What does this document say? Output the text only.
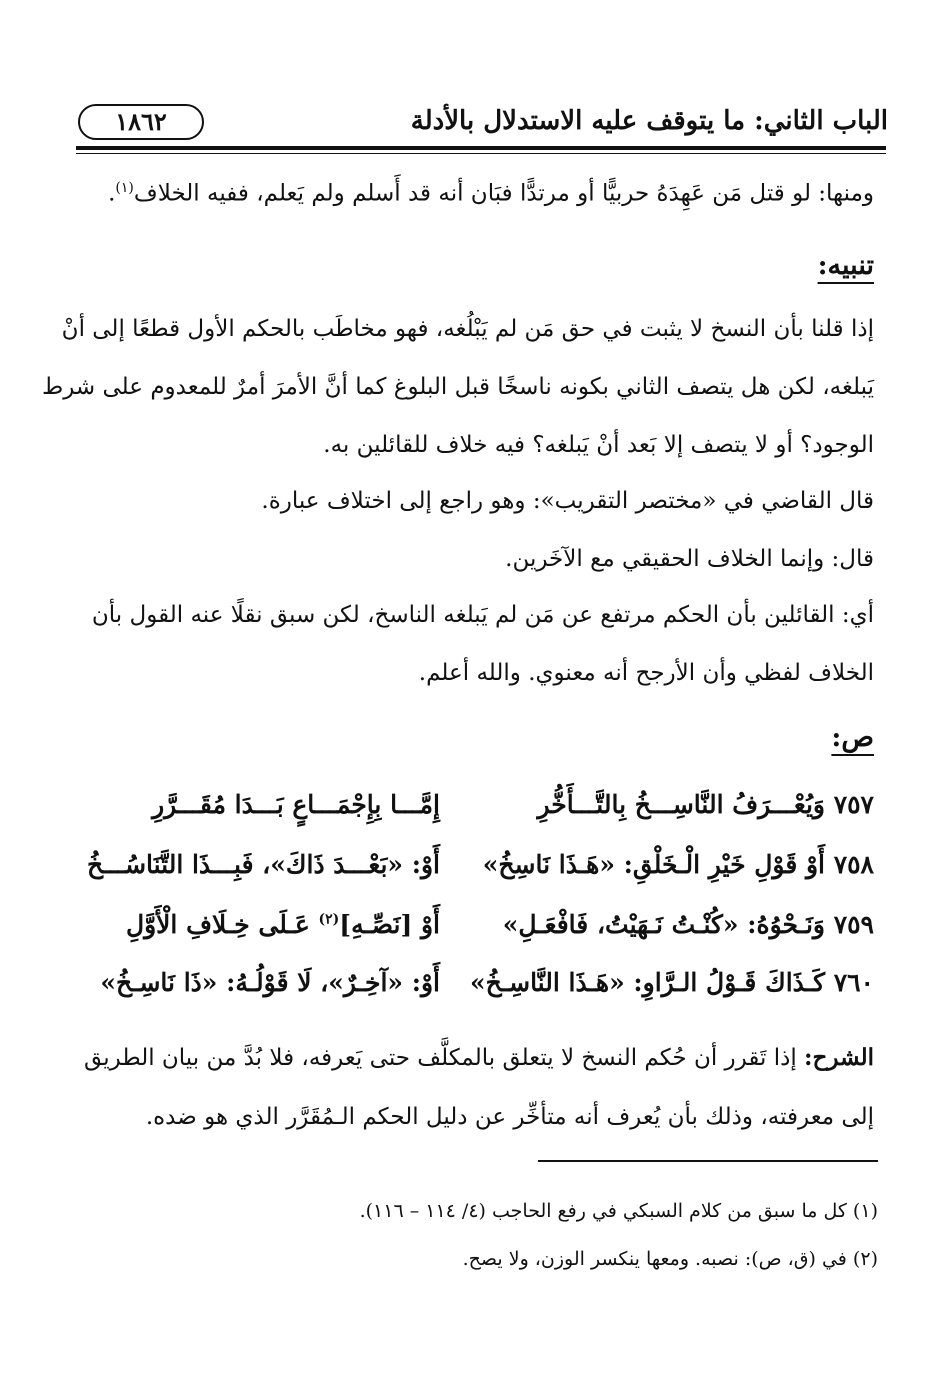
الباب الثاني: ما يتوقف عليه الاستدلال بالأدلة
١٨٦٢
ومنها: لو قتل مَن عَهِدَهُ حربيًّا أو مرتدًّا فبَان أنه قد أَسلم ولم يَعلم، ففيه الخلاف$^{(١)}$.
تنبيه:
إذا قلنا بأن النسخ لا يثبت في حق مَن لم يَبْلُغه، فهو مخاطَب بالحكم الأول قطعًا إلى أنْ
يَبلغه، لكن هل يتصف الثاني بكونه ناسخًا قبل البلوغ كما أنَّ الأمرَ أمرٌ للمعدوم على شرط
الوجود؟ أو لا يتصف إلا بَعد أنْ يَبلغه؟ فيه خلاف للقائلين به.
قال القاضي في «مختصر التقريب»: وهو راجع إلى اختلاف عبارة.
قال: وإنما الخلاف الحقيقي مع الآخَرين.
أي: القائلين بأن الحكم مرتفع عن مَن لم يَبلغه الناسخ، لكن سبق نقلًا عنه القول بأن
الخلاف لفظي وأن الأرجح أنه معنوي. والله أعلم.
ص:
٧٥٧ وَيُعْـــرَفُ النَّاسِـــخُ بِالتَّـــأَخُّرِ
إِمَّـــا بِإِجْمَـــاعٍ بَـــدَا مُقَـــرَّرِ
٧٥٨ أَوْ قَوْلِ خَيْرِ الْـخَلْقِ: «هَـذَا نَاسِخُ»
أَوْ: «بَعْـــدَ ذَاكَ»، فَبِـــذَا التَّنَاسُـــخُ
٧٥٩ وَنَـحْوُهُ: «كُنْـتُ نَـهَيْتُ، فَافْعَـلِ»
أَوْ [نَصِّـهِ]$^{(٢)}$ عَـلَى خِـلَافِ الْأَوَّلِ
٧٦٠ كَـذَاكَ قَـوْلُ الـرَّاوِ: «هَـذَا النَّاسِـخُ»
أَوْ: «آخِـرٌ»، لَا قَوْلُـهُ: «ذَا نَاسِـخُ»
الشرح: إذا تَقرر أن حُكم النسخ لا يتعلق بالمكلَّف حتى يَعرفه، فلا بُدَّ من بيان الطريق
إلى معرفته، وذلك بأن يُعرف أنه متأخِّر عن دليل الحكم الـمُقَرَّر الذي هو ضده.
(١) كل ما سبق من كلام السبكي في رفع الحاجب (٤/ ١١٤ – ١١٦).
(٢) في (ق، ص): نصبه. ومعها ينكسر الوزن، ولا يصح.
